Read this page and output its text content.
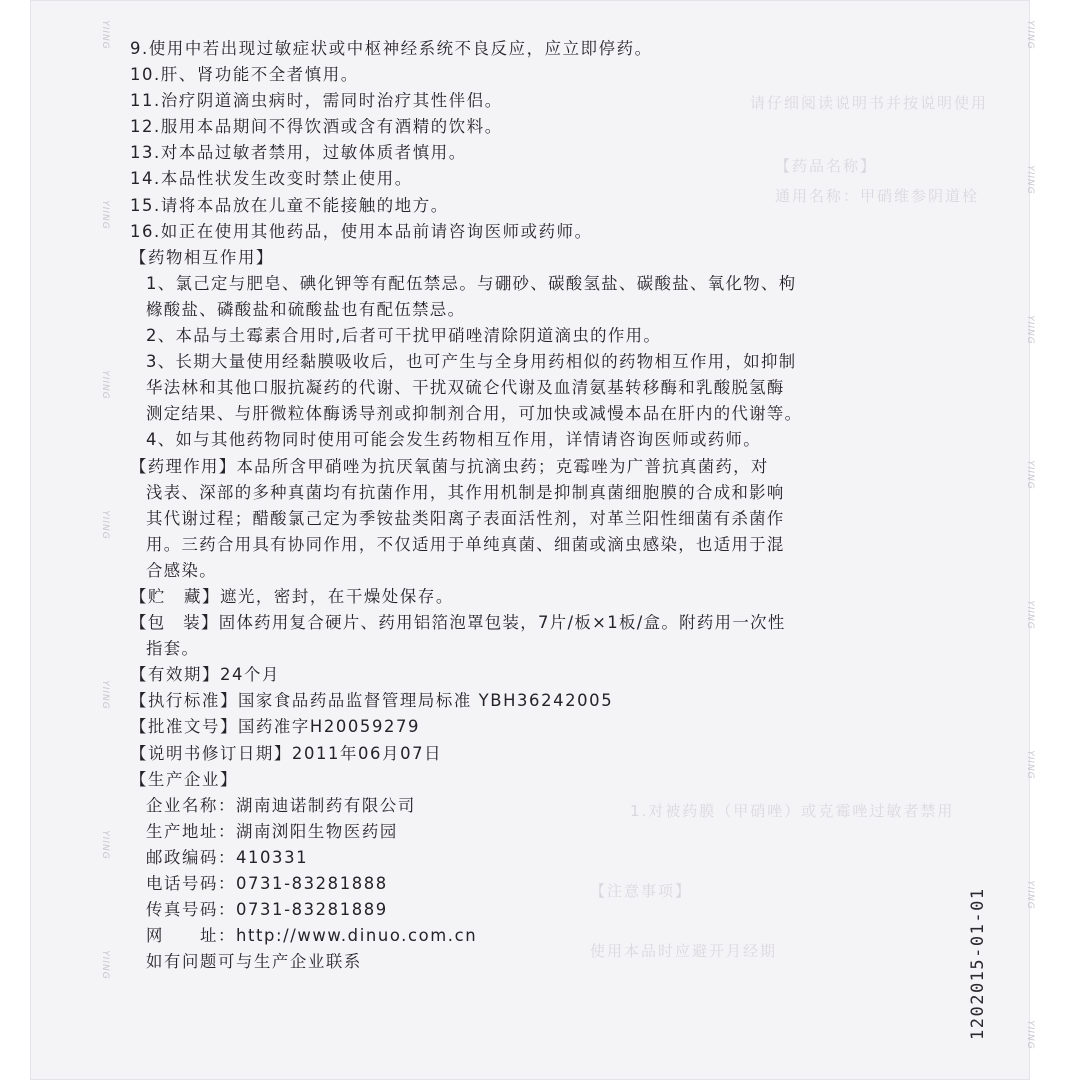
请仔细阅读说明书并按说明使用
【药品名称】
通用名称：甲硝维参阴道栓
1.对被药膜（甲硝唑）或克霉唑过敏者禁用
【注意事项】
使用本品时应避开月经期
YIING
YIING
YIING
YIING
YIING
YIING
YIING
YIING
YIING
YIING
YIING
YIING
YIING
YIING
YIING
1202015-01-01
9.使用中若出现过敏症状或中枢神经系统不良反应，应立即停药。
10.肝、肾功能不全者慎用。
11.治疗阴道滴虫病时，需同时治疗其性伴侣。
12.服用本品期间不得饮酒或含有酒精的饮料。
13.对本品过敏者禁用，过敏体质者慎用。
14.本品性状发生改变时禁止使用。
15.请将本品放在儿童不能接触的地方。
16.如正在使用其他药品，使用本品前请咨询医师或药师。
【药物相互作用】
1、氯己定与肥皂、碘化钾等有配伍禁忌。与硼砂、碳酸氢盐、碳酸盐、氧化物、枸
橼酸盐、磷酸盐和硫酸盐也有配伍禁忌。
2、本品与土霉素合用时,后者可干扰甲硝唑清除阴道滴虫的作用。
3、长期大量使用经黏膜吸收后，也可产生与全身用药相似的药物相互作用，如抑制
华法林和其他口服抗凝药的代谢、干扰双硫仑代谢及血清氨基转移酶和乳酸脱氢酶
测定结果、与肝微粒体酶诱导剂或抑制剂合用，可加快或减慢本品在肝内的代谢等。
4、如与其他药物同时使用可能会发生药物相互作用，详情请咨询医师或药师。
【药理作用】本品所含甲硝唑为抗厌氧菌与抗滴虫药；克霉唑为广普抗真菌药，对
浅表、深部的多种真菌均有抗菌作用，其作用机制是抑制真菌细胞膜的合成和影响
其代谢过程；醋酸氯己定为季铵盐类阳离子表面活性剂，对革兰阳性细菌有杀菌作
用。三药合用具有协同作用，不仅适用于单纯真菌、细菌或滴虫感染，也适用于混
合感染。
【贮　藏】遮光，密封，在干燥处保存。
【包　装】固体药用复合硬片、药用铝箔泡罩包装，7片/板×1板/盒。附药用一次性
指套。
【有效期】24个月
【执行标准】国家食品药品监督管理局标准 YBH36242005
【批准文号】国药准字H20059279
【说明书修订日期】2011年06月07日
【生产企业】
企业名称：湖南迪诺制药有限公司
生产地址：湖南浏阳生物医药园
邮政编码：410331
电话号码：0731-83281888
传真号码：0731-83281889
网　　址：http://www.dinuo.com.cn
如有问题可与生产企业联系
